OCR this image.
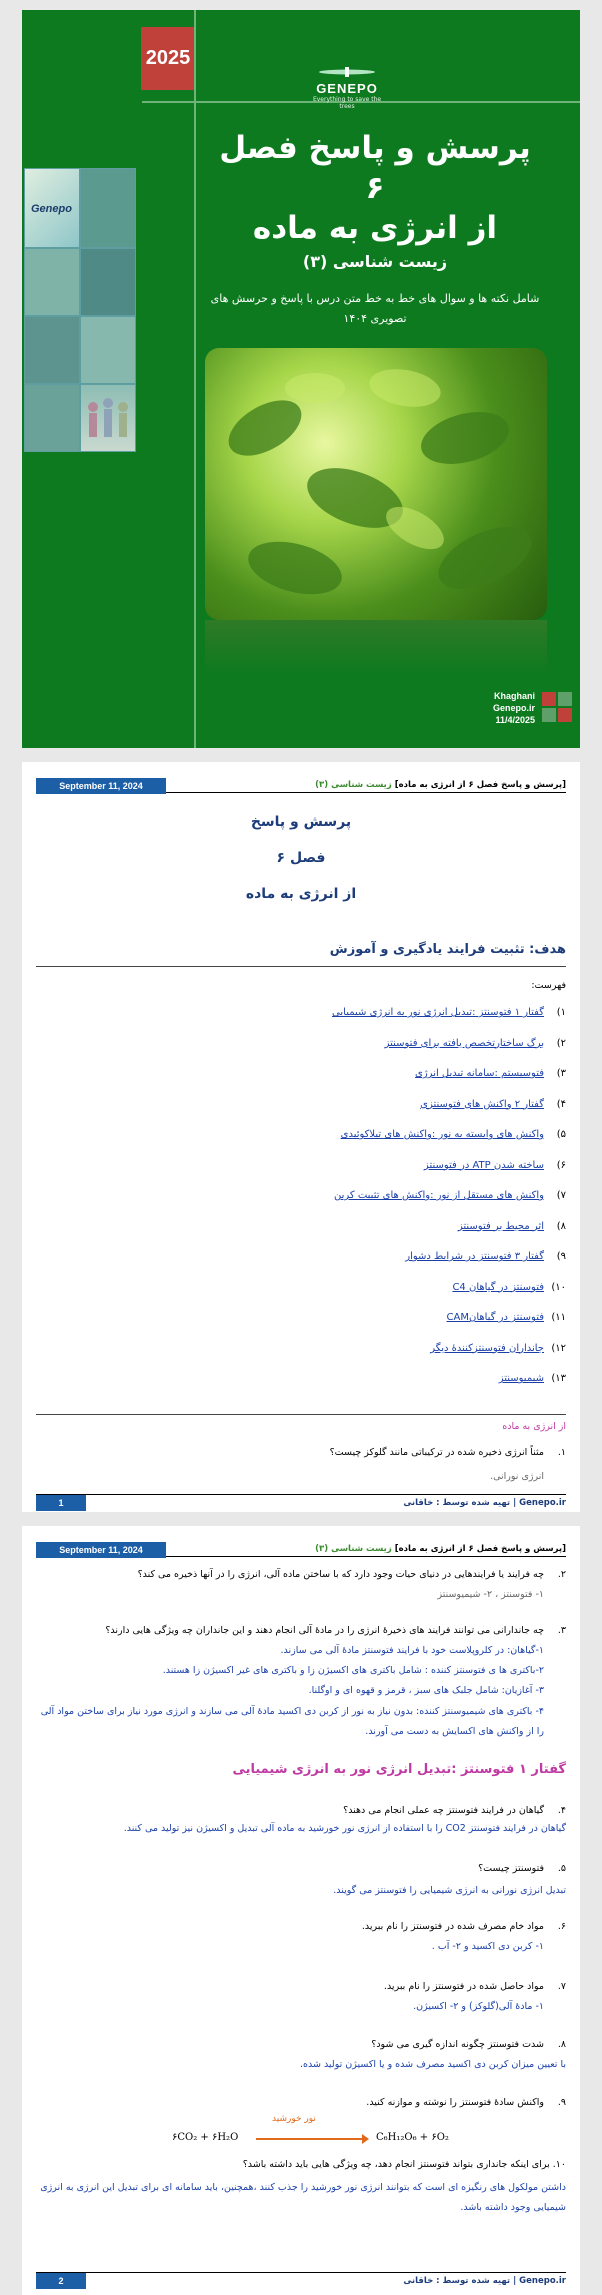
2025
Genepo
GENEPO
Everything to save the trees
پرسش و پاسخ فصل ۶
از انرژی به ماده
زیست شناسی (۳)
شامل نکته ها و سوال های خط به خط متن درس با پاسخ و حرسش های تصویری ۱۴۰۴
Khaghani
Genepo.ir
11/4/2025
September 11, 2024	[پرسش و پاسخ فصل ۶ از انرژی به ماده] زیست شناسی (۳)
پرسش و پاسخ
فصل ۶
از انرژی به ماده
هدف: تثبیت فرایند یادگیری و آموزش
فهرست:
۱)گفتار ۱ فتوسنتز :تبدیل انرژی نور به انرژی شیمیایی
۲)برگ ساختارتخصص یافته برای فتوسنتز
۳)فتوسیستم :سامانه تبدیل انرژی
۴)گفتار ۲ واکنش های فتوسنتزی
۵)واکنش های وابسته به نور :واکنش های تیلاکوئیدی
۶)ساخته شدن ATP در فتوسنتز
۷)واکنش های مستقل از نور :واکنش های تثبیت کربن
۸)اثر محیط بر فتوسنتز
۹)گفتار ۳ فتوسنتز در شرایط دشوار
۱۰)فتوسنتز در گیاهان C4
۱۱)فتوسنتز در گیاهانCAM
۱۲)جانداران فتوسنتزکنندهٔ دیگر
۱۳)شیمیوسنتز
از انرژی به ماده
۱.مثناً انرژی ذخیره شده در ترکیباتی مانند گلوکز چیست؟
انرژی نورانی.
1	Genepo.ir | تهیه شده توسط : خاقانی
September 11, 2024	[پرسش و پاسخ فصل ۶ از انرژی به ماده] زیست شناسی (۳)
۲.چه فرایند یا فرایندهایی در دنیای حیات وجود دارد که با ساختن ماده آلی، انرژی را در آنها ذخیره می کند؟
۱- فتوسنتز ، ۲- شیمیوسنتز
۳.چه جاندارانی می توانند فرایند های ذخیرهٔ انرژی را در مادهٔ آلی انجام دهند و این جانداران چه ویژگی هایی دارند؟
۱-گیاهان: در کلروپلاست خود با فرایند فتوسنتز مادهٔ آلی می سازند.
۲-باکتری ها ی فتوسنتز کننده : شامل باکتری های اکسیژن زا و باکتری های غیر اکسیژن زا هستند.
۳- آغازیان: شامل جلبک های سبز ، قرمز و قهوه ای و اوگلنا.
۴- باکتری های شیمیوسنتز کننده: بدون نیاز به نور از کربن دی اکسید مادهٔ آلی می سازند و انرژی مورد نیاز برای ساختن مواد آلی را از واکنش های اکسایش به دست می آورند.
گفتار ۱ فتوسنتز :تبدیل انرژی نور به انرژی شیمیایی
۴.گیاهان در فرایند فتوسنتز چه عملی انجام می دهند؟
گیاهان در فرایند فتوسنتز CO2 را با استفاده از انرژی نور خورشید به ماده آلی تبدیل و اکسیژن نیز تولید می کنند.
۵.فتوسنتز چیست؟
تبدیل انرژی نورانی به انرژی شیمیایی را فتوسنتز می گویند.
۶.مواد خام مصرف شده در فتوسنتز را نام ببرید.
۱- کربن دی اکسید و ۲- آب .
۷.مواد حاصل شده در فتوسنتز را نام ببرید.
۱- مادهٔ آلی(گلوکز) و ۲- اکسیژن.
۸.شدت فتوسنتز چگونه اندازه گیری می شود؟
با تعیین میزان کربن دی اکسید مصرف شده و یا اکسیژن تولید شده.
۹.واکنش سادهٔ فتوسنتز را نوشته و موازنه کنید.
۶CO₂ + ۶H₂O
نور خورشید
C₆H₁₂O₆ + ۶O₂
۱۰. برای اینکه جانداری بتواند فتوسنتز انجام دهد، چه ویژگی هایی باید داشته باشد؟
داشتن مولکول های رنگیزه ای است که بتوانند انرژی نور خورشید را جذب کنند ،همچنین، باید سامانه ای برای تبدیل این انرژی به انرژی شیمیایی وجود داشته باشد.
2	Genepo.ir | تهیه شده توسط : خاقانی
